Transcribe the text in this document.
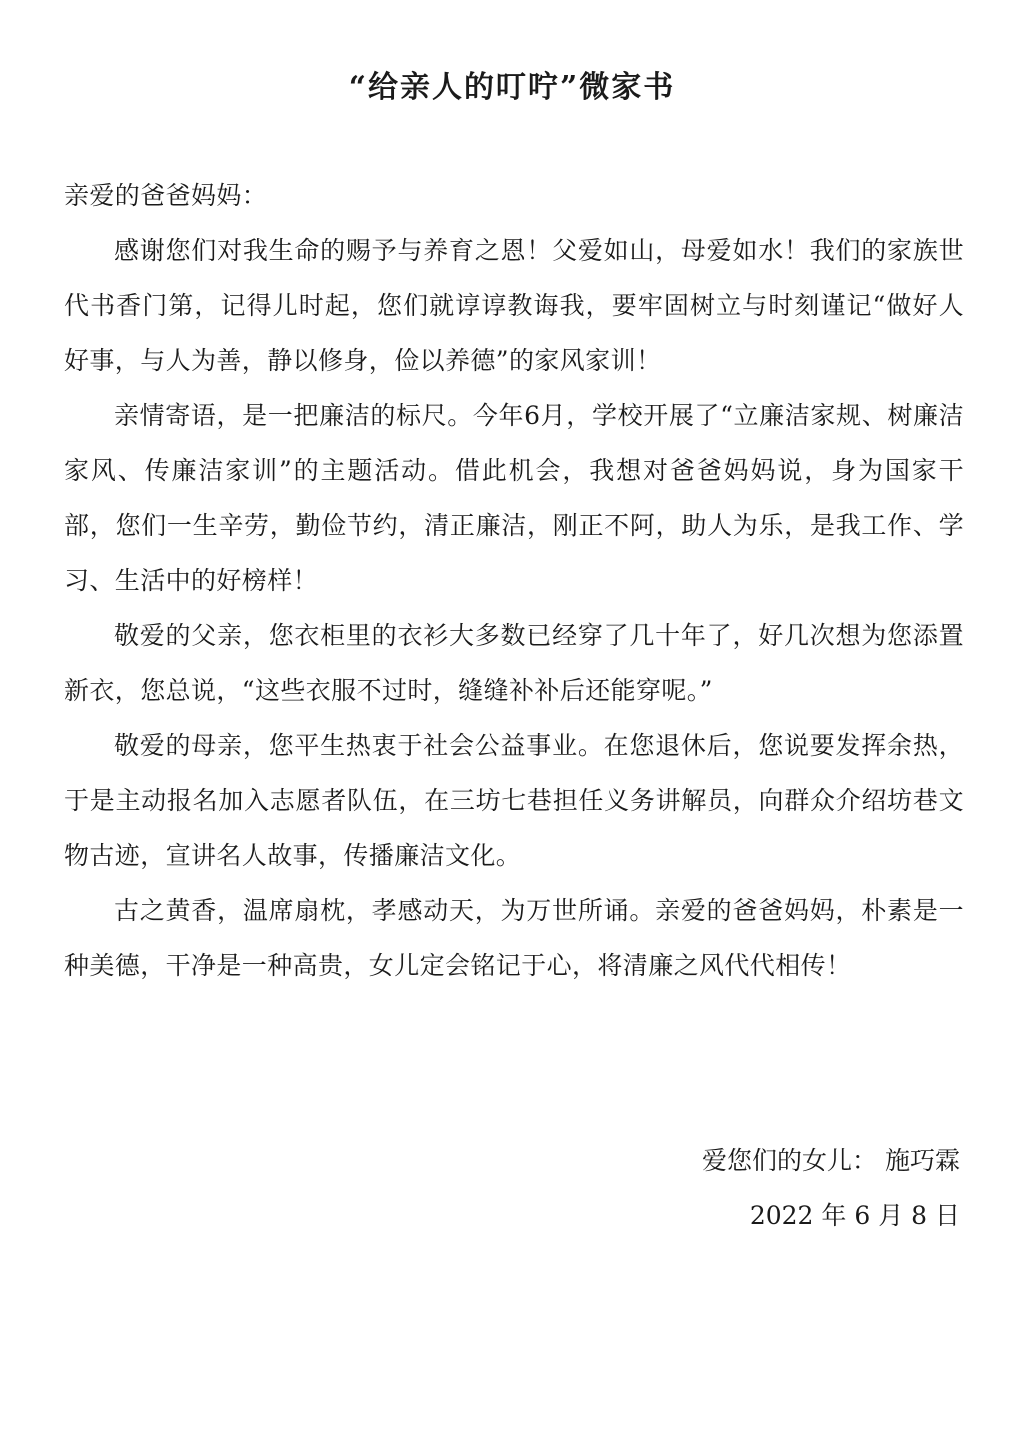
“给亲人的叮咛”微家书

亲爱的爸爸妈妈：

感谢您们对我生命的赐予与养育之恩！父爱如山，母爱如水！我们的家族世代书香门第，记得儿时起，您们就谆谆教诲我，要牢固树立与时刻谨记“做好人好事，与人为善，静以修身，俭以养德”的家风家训！

亲情寄语，是一把廉洁的标尺。今年6月，学校开展了“立廉洁家规、树廉洁家风、传廉洁家训”的主题活动。借此机会，我想对爸爸妈妈说，身为国家干部，您们一生辛劳，勤俭节约，清正廉洁，刚正不阿，助人为乐，是我工作、学习、生活中的好榜样！

敬爱的父亲，您衣柜里的衣衫大多数已经穿了几十年了，好几次想为您添置新衣，您总说，“这些衣服不过时，缝缝补补后还能穿呢。”

敬爱的母亲，您平生热衷于社会公益事业。在您退休后，您说要发挥余热，于是主动报名加入志愿者队伍，在三坊七巷担任义务讲解员，向群众介绍坊巷文物古迹，宣讲名人故事，传播廉洁文化。

古之黄香，温席扇枕，孝感动天，为万世所诵。亲爱的爸爸妈妈，朴素是一种美德，干净是一种高贵，女儿定会铭记于心，将清廉之风代代相传！

爱您们的女儿： 施巧霖
2022 年 6 月 8 日
